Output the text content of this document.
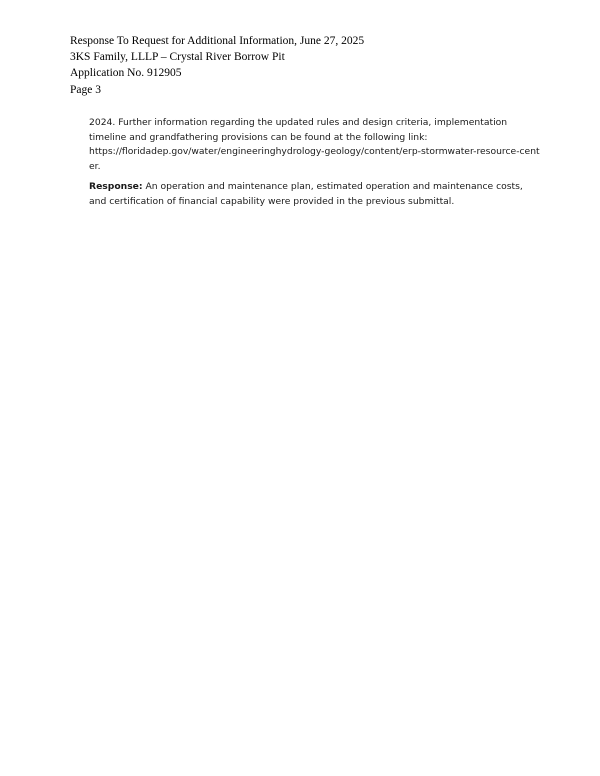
Response To Request for Additional Information, June 27, 2025
3KS Family, LLLP – Crystal River Borrow Pit
Application No. 912905
Page 3

2024. Further information regarding the updated rules and design criteria, implementation timeline and grandfathering provisions can be found at the following link:

https://floridadep.gov/water/engineeringhydrology-geology/content/erp-stormwater-resource-center.

Response: An operation and maintenance plan, estimated operation and maintenance costs, and certification of financial capability were provided in the previous submittal.
